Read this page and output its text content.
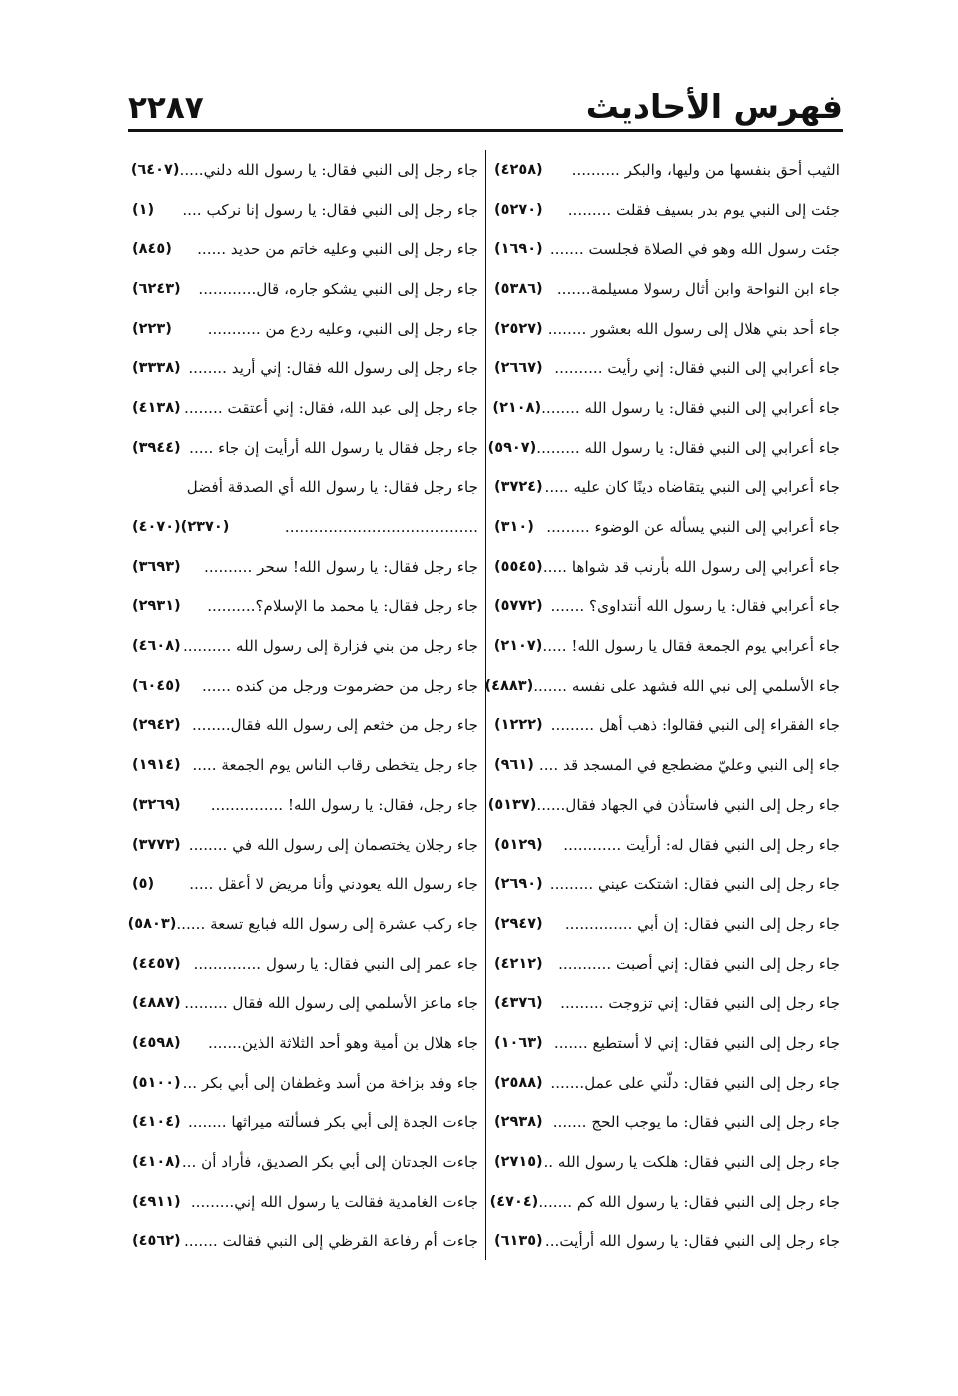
فهرس الأحاديث
٢٢٨٧
الثيب أحق بنفسها من وليها، والبكر ..........
(٤٢٥٨)
جئت إلى النبي يوم بدر بسيف فقلت .........
(٥٢٧٠)
جئت رسول الله وهو في الصلاة فجلست .......
(١٦٩٠)
جاء ابن النواحة وابن أثال رسولا مسيلمة.......
(٥٣٨٦)
جاء أحد بني هلال إلى رسول الله بعشور ........
(٢٥٢٧)
جاء أعرابي إلى النبي فقال: إني رأيت ..........
(٢٦٦٧)
جاء أعرابي إلى النبي فقال: يا رسول الله ........
(٢١٠٨)
جاء أعرابي إلى النبي فقال: يا رسول الله .........
(٥٩٠٧)
جاء أعرابي إلى النبي يتقاضاه دينًا كان عليه .....
(٣٧٢٤)
جاء أعرابي إلى النبي يسأله عن الوضوء .........
(٣١٠)
جاء أعرابي إلى رسول الله بأرنب قد شواها .....
(٥٥٤٥)
جاء أعرابي فقال: يا رسول الله أنتداوى؟ .......
(٥٧٧٢)
جاء أعرابي يوم الجمعة فقال يا رسول الله! .....
(٢١٠٧)
جاء الأسلمي إلى نبي الله فشهد على نفسه .......
(٤٨٨٣)
جاء الفقراء إلى النبي فقالوا: ذهب أهل .........
(١٢٢٢)
جاء إلى النبي وعليّ مضطجع في المسجد قد ....
(٩٦١)
جاء رجل إلى النبي فاستأذن في الجهاد فقال......
(٥١٣٧)
جاء رجل إلى النبي فقال له: أرأيت ............
(٥١٢٩)
جاء رجل إلى النبي فقال: اشتكت عيني .........
(٢٦٩٠)
جاء رجل إلى النبي فقال: إن أبي ..............
(٢٩٤٧)
جاء رجل إلى النبي فقال: إني أصبت ...........
(٤٢١٢)
جاء رجل إلى النبي فقال: إني تزوجت .........
(٤٣٧٦)
جاء رجل إلى النبي فقال: إني لا أستطيع .......
(١٠٦٣)
جاء رجل إلى النبي فقال: دلّني على عمل.......
(٢٥٨٨)
جاء رجل إلى النبي فقال: ما يوجب الحج .......
(٢٩٣٨)
جاء رجل إلى النبي فقال: هلكت يا رسول الله ..
(٢٧١٥)
جاء رجل إلى النبي فقال: يا رسول الله كم .......
(٤٧٠٤)
جاء رجل إلى النبي فقال: يا رسول الله أرأيت...
(٦١٣٥)
جاء رجل إلى النبي فقال: يا رسول الله دلني.....
(٦٤٠٧)
جاء رجل إلى النبي فقال: يا رسول إنا نركب ....
(١)
جاء رجل إلى النبي وعليه خاتم من حديد ......
(٨٤٥)
جاء رجل إلى النبي يشكو جاره، قال............
(٦٢٤٣)
جاء رجل إلى النبي، وعليه ردع من ...........
(٢٢٣)
جاء رجل إلى رسول الله فقال: إني أريد ........
(٣٣٣٨)
جاء رجل إلى عبد الله، فقال: إني أعتقت ........
(٤١٣٨)
جاء رجل فقال يا رسول الله أرأيت إن جاء .....
(٣٩٤٤)
جاء رجل فقال: يا رسول الله أي الصدقة أفضل
........................................
(٤٠٧٠)(٢٣٧٠)
جاء رجل فقال: يا رسول الله! سحر ..........
(٣٦٩٣)
جاء رجل فقال: يا محمد ما الإسلام؟..........
(٢٩٣١)
جاء رجل من بني فزارة إلى رسول الله ..........
(٤٦٠٨)
جاء رجل من حضرموت ورجل من كنده ......
(٦٠٤٥)
جاء رجل من خثعم إلى رسول الله فقال........
(٢٩٤٢)
جاء رجل يتخطى رقاب الناس يوم الجمعة .....
(١٩١٤)
جاء رجل، فقال: يا رسول الله! ...............
(٣٢٦٩)
جاء رجلان يختصمان إلى رسول الله في ........
(٣٧٧٣)
جاء رسول الله يعودني وأنا مريض لا أعقل .....
(٥)
جاء ركب عشرة إلى رسول الله فبايع تسعة ......
(٥٨٠٣)
جاء عمر إلى النبي فقال: يا رسول ..............
(٤٤٥٧)
جاء ماعز الأسلمي إلى رسول الله فقال .........
(٤٨٨٧)
جاء هلال بن أمية وهو أحد الثلاثة الذين.......
(٤٥٩٨)
جاء وفد بزاخة من أسد وغطفان إلى أبي بكر ...
(٥١٠٠)
جاءت الجدة إلى أبي بكر فسألته ميراثها ........
(٤١٠٤)
جاءت الجدتان إلى أبي بكر الصديق، فأراد أن ...
(٤١٠٨)
جاءت الغامدية فقالت يا رسول الله إني.........
(٤٩١١)
جاءت أم رفاعة القرظي إلى النبي فقالت .......
(٤٥٦٢)
